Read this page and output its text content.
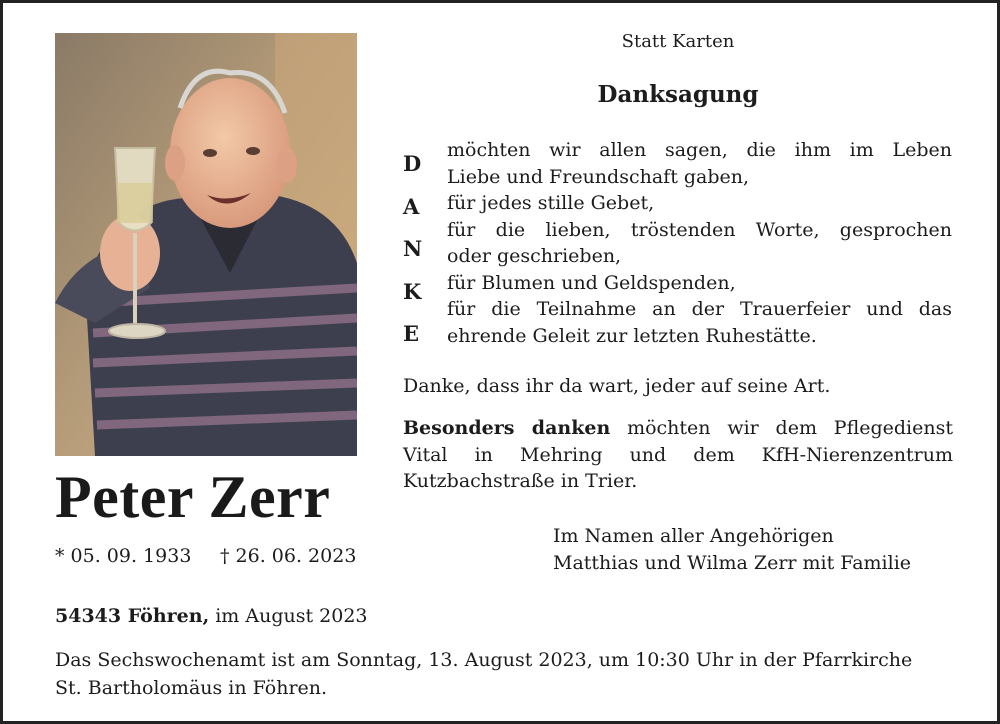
Peter Zerr
* 05. 09. 1933 † 26. 06. 2023
54343 Föhren, im August 2023
Das Sechswochenamt ist am Sonntag, 13. August 2023, um 10:30 Uhr in der Pfarrkirche
St. Bartholomäus in Föhren.
Statt Karten
Danksagung
D
A
N
K
E
möchten wir allen sagen, die ihm im Leben
Liebe und Freundschaft gaben,
für jedes stille Gebet,
für die lieben, tröstenden Worte, gesprochen
oder geschrieben,
für Blumen und Geldspenden,
für die Teilnahme an der Trauerfeier und das
ehrende Geleit zur letzten Ruhestätte.
Danke, dass ihr da wart, jeder auf seine Art.
Besonders danken möchten wir dem Pflegedienst
Vital in Mehring und dem KfH-Nierenzentrum
Kutzbachstraße in Trier.
Im Namen aller Angehörigen
Matthias und Wilma Zerr mit Familie
